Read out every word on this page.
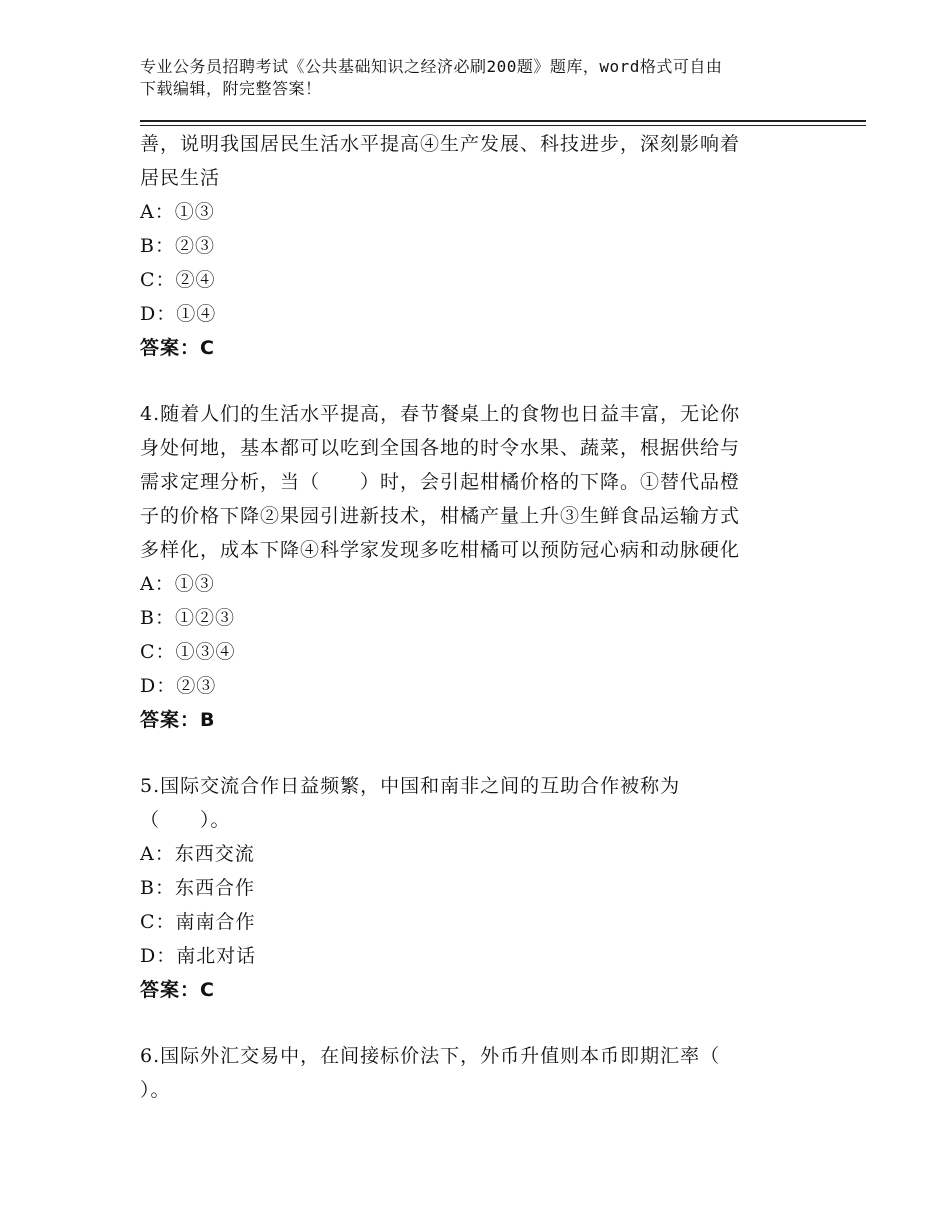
专业公务员招聘考试《公共基础知识之经济必刷200题》题库，word格式可自由
下载编辑，附完整答案！
善，说明我国居民生活水平提高④生产发展、科技进步，深刻影响着
居民生活
A：①③
B：②③
C：②④
D：①④
答案：C
4.随着人们的生活水平提高，春节餐桌上的食物也日益丰富，无论你
身处何地，基本都可以吃到全国各地的时令水果、蔬菜，根据供给与
需求定理分析，当（　　）时，会引起柑橘价格的下降。①替代品橙
子的价格下降②果园引进新技术，柑橘产量上升③生鲜食品运输方式
多样化，成本下降④科学家发现多吃柑橘可以预防冠心病和动脉硬化
A：①③
B：①②③
C：①③④
D：②③
答案：B
5.国际交流合作日益频繁，中国和南非之间的互助合作被称为
（　　）。
A：东西交流
B：东西合作
C：南南合作
D：南北对话
答案：C
6.国际外汇交易中，在间接标价法下，外币升值则本币即期汇率（
）。
